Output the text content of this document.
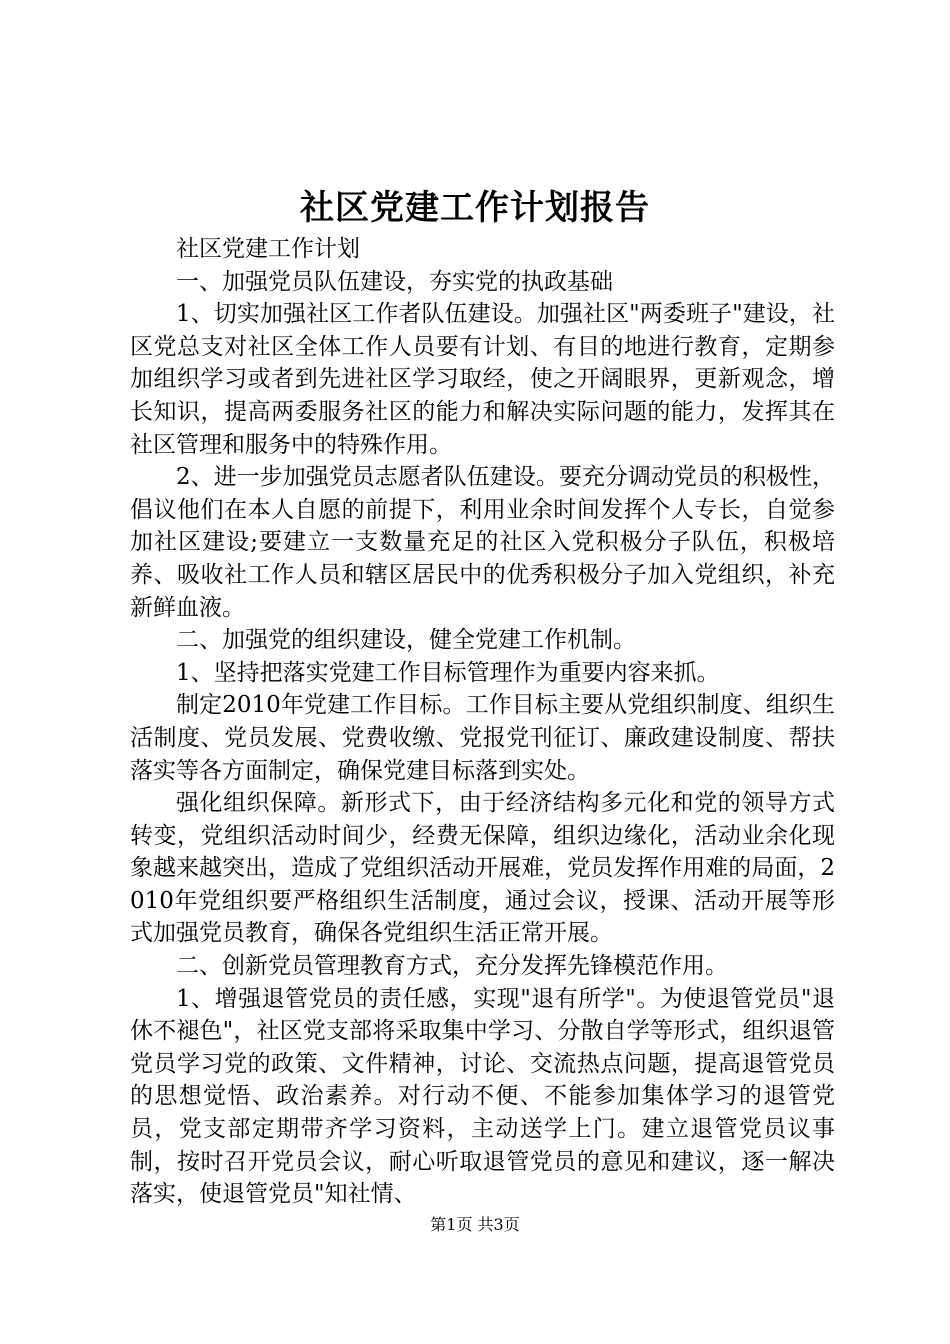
社区党建工作计划报告

社区党建工作计划

一、加强党员队伍建设，夯实党的执政基础

1、切实加强社区工作者队伍建设。加强社区"两委班子"建设，社区党总支对社区全体工作人员要有计划、有目的地进行教育，定期参加组织学习或者到先进社区学习取经，使之开阔眼界，更新观念，增长知识，提高两委服务社区的能力和解决实际问题的能力，发挥其在社区管理和服务中的特殊作用。

2、进一步加强党员志愿者队伍建设。要充分调动党员的积极性，倡议他们在本人自愿的前提下，利用业余时间发挥个人专长，自觉参加社区建设;要建立一支数量充足的社区入党积极分子队伍，积极培养、吸收社工作人员和辖区居民中的优秀积极分子加入党组织，补充新鲜血液。

二、加强党的组织建设，健全党建工作机制。

1、坚持把落实党建工作目标管理作为重要内容来抓。

制定2010年党建工作目标。工作目标主要从党组织制度、组织生活制度、党员发展、党费收缴、党报党刊征订、廉政建设制度、帮扶落实等各方面制定，确保党建目标落到实处。

强化组织保障。新形式下，由于经济结构多元化和党的领导方式转变，党组织活动时间少，经费无保障，组织边缘化，活动业余化现象越来越突出，造成了党组织活动开展难，党员发挥作用难的局面，2010年党组织要严格组织生活制度，通过会议，授课、活动开展等形式加强党员教育，确保各党组织生活正常开展。

二、创新党员管理教育方式，充分发挥先锋模范作用。

1、增强退管党员的责任感，实现"退有所学"。为使退管党员"退休不褪色"，社区党支部将采取集中学习、分散自学等形式，组织退管党员学习党的政策、文件精神，讨论、交流热点问题，提高退管党员的思想觉悟、政治素养。对行动不便、不能参加集体学习的退管党员，党支部定期带齐学习资料，主动送学上门。建立退管党员议事制，按时召开党员会议，耐心听取退管党员的意见和建议，逐一解决落实，使退管党员"知社情、

第1页 共3页
